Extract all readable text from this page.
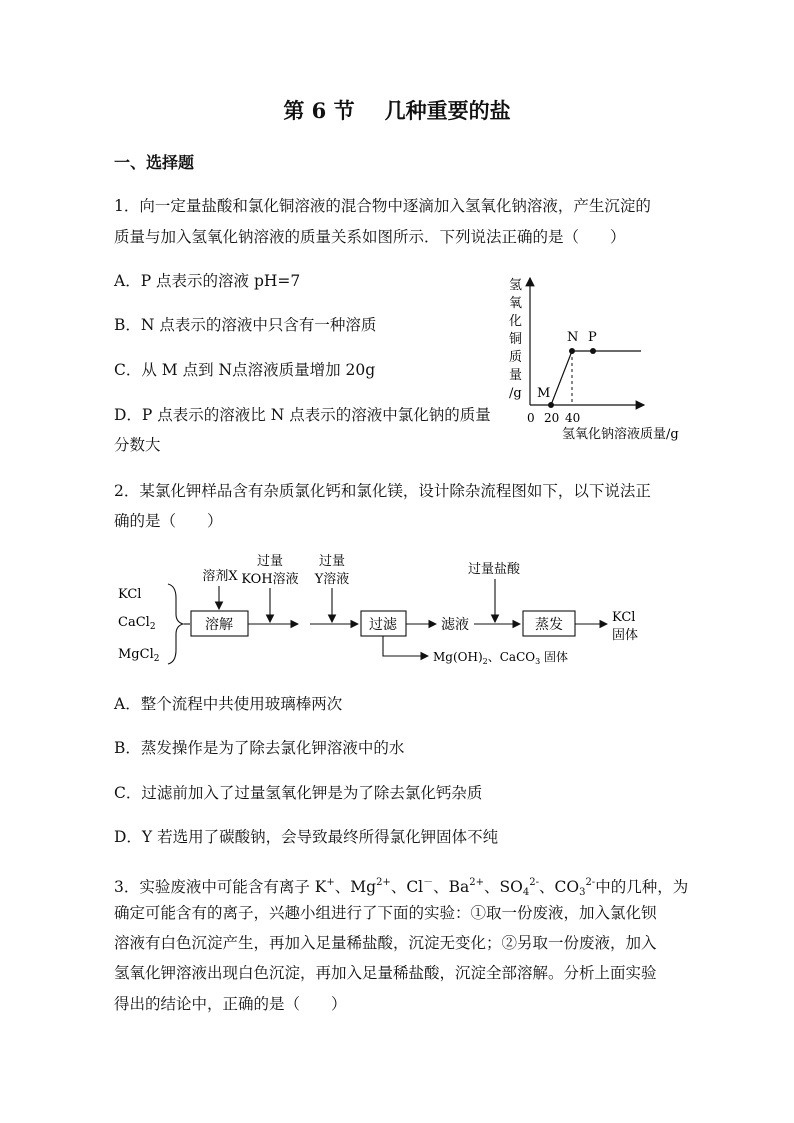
第 6 节 几种重要的盐
一、选择题
1．向一定量盐酸和氯化铜溶液的混合物中逐滴加入氢氧化钠溶液，产生沉淀的
质量与加入氢氧化钠溶液的质量关系如图所示．下列说法正确的是（　　）
A．P 点表示的溶液 pH=7
B．N 点表示的溶液中只含有一种溶质
C．从 M 点到 N点溶液质量增加 20g
D．P 点表示的溶液比 N 点表示的溶液中氯化钠的质量
分数大
氢
氧
化
铜
质
量
/g
0 20 40
M
N P
氢氧化钠溶液质量/g
2．某氯化钾样品含有杂质氯化钙和氯化镁，设计除杂流程图如下，以下说法正
确的是（　　）
KCl
CaCl$_2$
MgCl$_2$
溶解
溶剂X
过量
KOH溶液
过量
Y溶液
过滤
$Mg(OH)_2$、CaCO$_3$ 固体
滤液
过量盐酸
蒸发	KCl
固体
A．整个流程中共使用玻璃棒两次
B．蒸发操作是为了除去氯化钾溶液中的水
C．过滤前加入了过量氢氧化钾是为了除去氯化钙杂质
D．Y 若选用了碳酸钠，会导致最终所得氯化钾固体不纯
3．实验废液中可能含有离子 K+、$Mg^{2+}$、Cl－、$Ba^{2+}$、$SO_4^{2-}$、$CO_3^{2-}$中的几种，为
确定可能含有的离子，兴趣小组进行了下面的实验：①取一份废液，加入氯化钡
溶液有白色沉淀产生，再加入足量稀盐酸，沉淀无变化；②另取一份废液，加入
氢氧化钾溶液出现白色沉淀，再加入足量稀盐酸，沉淀全部溶解。分析上面实验
得出的结论中，正确的是（　　）
